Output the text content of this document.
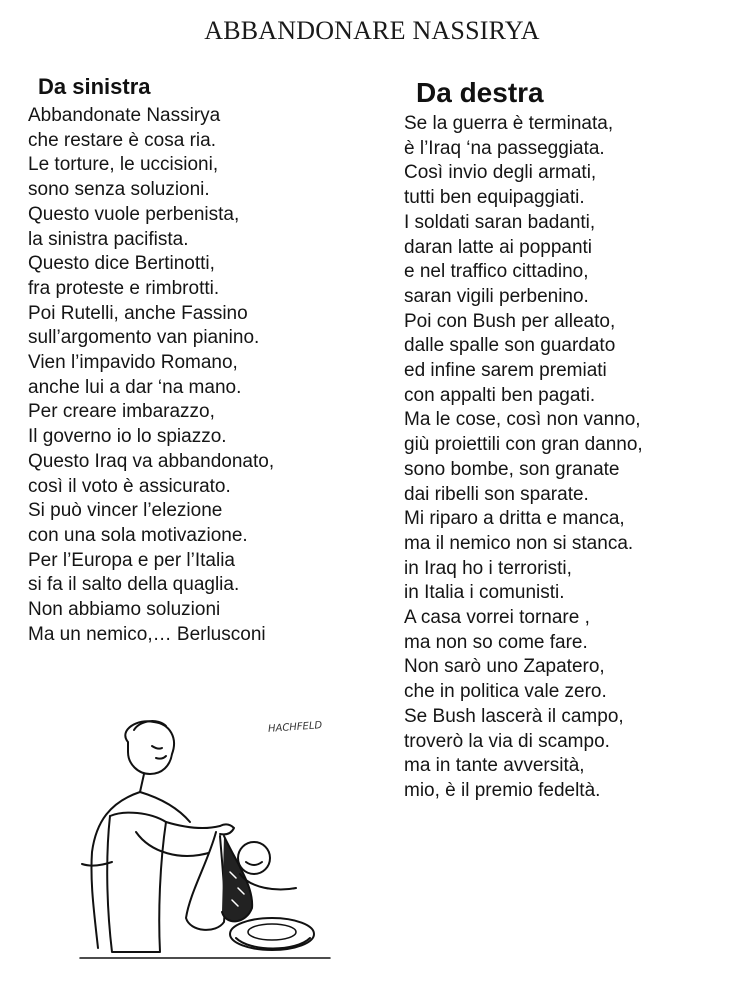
ABBANDONARE NASSIRYA
Da sinistra
Abbandonate Nassirya
che restare è cosa ria.
Le torture, le uccisioni,
sono senza soluzioni.
Questo vuole perbenista,
la sinistra pacifista.
Questo dice Bertinotti,
fra proteste e rimbrotti.
Poi Rutelli, anche Fassino
sull’argomento van pianino.
Vien l’impavido Romano,
anche lui a dar ‘na mano.
Per creare imbarazzo,
Il governo io lo spiazzo.
Questo Iraq va abbandonato,
così il voto è assicurato.
Si può vincer l’elezione
con una sola motivazione.
Per l’Europa e per l’Italia
si fa il salto della quaglia.
Non abbiamo soluzioni
Ma un nemico,… Berlusconi
Da destra
Se la guerra è terminata,
è l’Iraq ‘na passeggiata.
Così invio degli armati,
tutti ben equipaggiati.
I soldati saran badanti,
daran latte ai poppanti
e nel traffico cittadino,
saran vigili perbenino.
Poi con Bush per alleato,
dalle spalle son guardato
ed infine sarem premiati
con appalti ben pagati.
Ma le cose, così non vanno,
giù proiettili con gran danno,
sono bombe, son granate
dai ribelli son sparate.
Mi riparo a dritta e manca,
ma il nemico non si stanca.
in Iraq ho i terroristi,
in Italia i comunisti.
A casa vorrei tornare ,
ma non so come fare.
Non sarò uno Zapatero,
che in politica vale zero.
Se Bush lascerà il campo,
troverò la via di scampo.
ma in tante avversità,
mio, è il premio fedeltà.
HACHFELD
